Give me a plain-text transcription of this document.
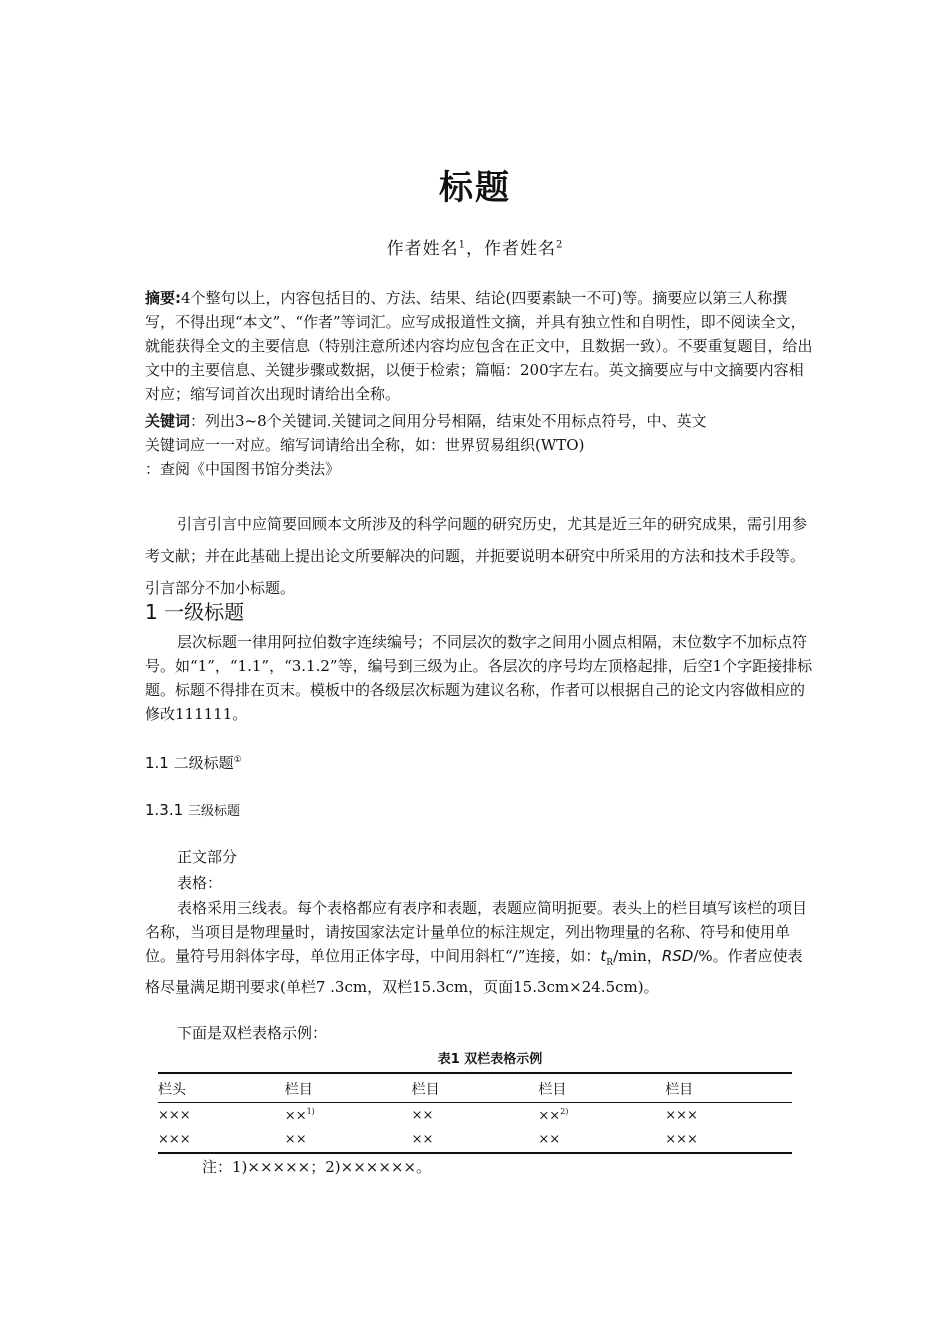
标题
作者姓名$^1$，作者姓名$^2$
摘要:4个整句以上，内容包括目的、方法、结果、结论(四要素缺一不可)等。摘要应以第三人称撰写，不得出现“本文”、“作者”等词汇。应写成报道性文摘，并具有独立性和自明性，即不阅读全文，就能获得全文的主要信息（特别注意所述内容均应包含在正文中，且数据一致）。不要重复题目，给出文中的主要信息、关键步骤或数据，以便于检索；篇幅：200字左右。英文摘要应与中文摘要内容相对应；缩写词首次出现时请给出全称。
关键词：列出3~8个关键词.关键词之间用分号相隔，结束处不用标点符号，中、英文
关键词应一一对应。缩写词请给出全称，如：世界贸易组织(WTO)
：查阅《中国图书馆分类法》
引言引言中应简要回顾本文所涉及的科学问题的研究历史，尤其是近三年的研究成果，需引用参考文献；并在此基础上提出论文所要解决的问题，并扼要说明本研究中所采用的方法和技术手段等。引言部分不加小标题。
1 一级标题
层次标题一律用阿拉伯数字连续编号；不同层次的数字之间用小圆点相隔，末位数字不加标点符号。如“1”，“1.1”，“3.1.2”等，编号到三级为止。各层次的序号均左顶格起排，后空1个字距接排标题。标题不得排在页末。模板中的各级层次标题为建议名称，作者可以根据自己的论文内容做相应的修改111111。
1.1 二级标题①
1.3.1 三级标题
正文部分
表格：
表格采用三线表。每个表格都应有表序和表题，表题应简明扼要。表头上的栏目填写该栏的项目名称，当项目是物理量时，请按国家法定计量单位的标注规定，列出物理量的名称、符号和使用单位。量符号用斜体字母，单位用正体字母，中间用斜杠“/”连接，如：$t_R/\min$，RSD/%。作者应使表格尽量满足期刊要求(单栏7 .3cm，双栏15.3cm，页面15.3cm×24.5cm)。
下面是双栏表格示例：
表1 双栏表格示例
栏头	栏目	栏目	栏目	栏目
×××	××$^{1)}$	××	××$^{2)}$	×××
×××	××	××	××	×××
注：1)×××××；2)××××××。
